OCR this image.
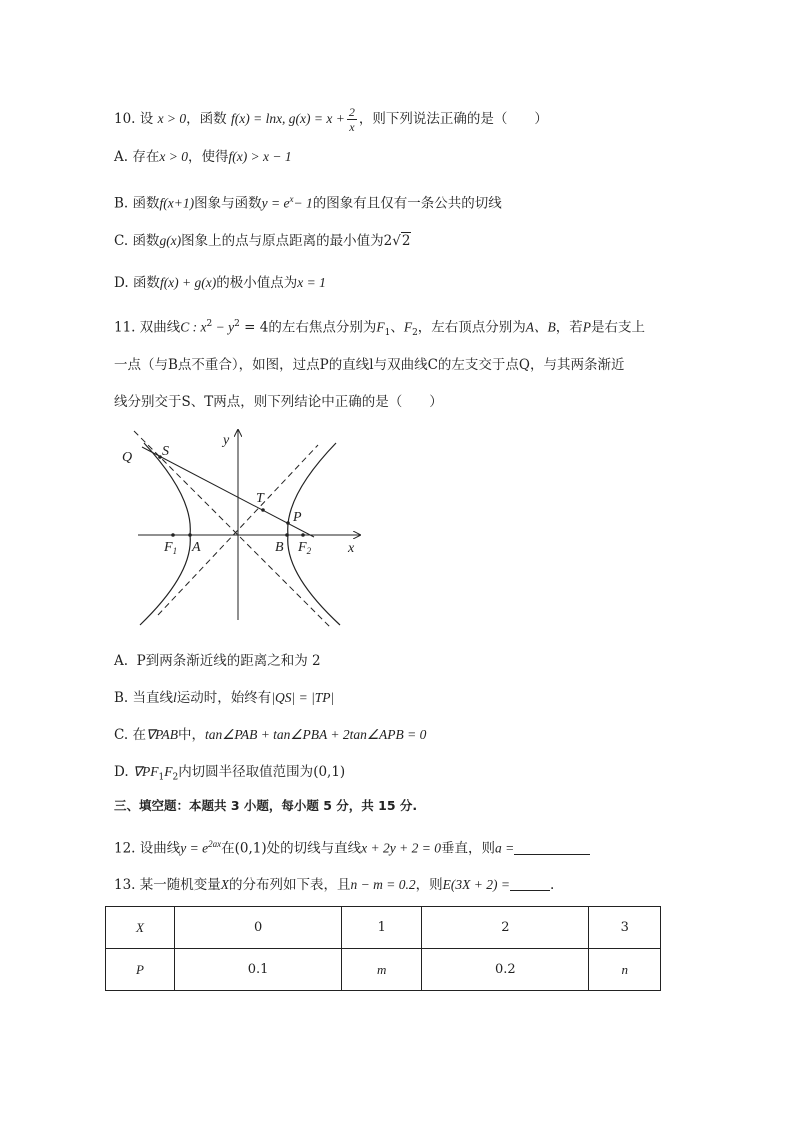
10. 设 x > 0，函数 f(x) = lnx, $g(x) = x + \frac{2}{x}$ ，则下列说法正确的是（　　）
A. 存在x > 0，使得f(x) > x − 1
B. 函数f(x+1)图象与函数$y = e^x- 1$的图象有且仅有一条公共的切线
C. 函数g(x)图象上的点与原点距离的最小值为2√2
D. 函数f(x) + g(x)的极小值点为x = 1
11. 双曲线C : $x^2 - y^2 = 4$的左右焦点分别为$F_1$、$F_2$，左右顶点分别为A、B，若P是右支上
一点（与B点不重合），如图，过点P的直线l与双曲线C的左支交于点Q，与其两条渐近
线分别交于S、T两点，则下列结论中正确的是（　　）
y
x
Q S
T
P
$F_1$ A	B $F_2$
A. P到两条渐近线的距离之和为 2
B. 当直线l运动时，始终有|QS| = |TP|
C. 在∇PAB中，tan∠PAB + tan∠PBA + 2tan∠APB = 0
D. $\nabla PF_1F_2$内切圆半径取值范围为(0,1)
三、填空题：本题共 3 小题，每小题 5 分，共 15 分.
12. 设曲线$y = e^{2ax}$在(0,1)处的切线与直线x + 2y + 2 = 0垂直，则a =
13. 某一随机变量X的分布列如下表，且n − m = 0.2，则E(3X + 2) =	.
X	0	1	2	3
P	0.1	m	0.2	n
